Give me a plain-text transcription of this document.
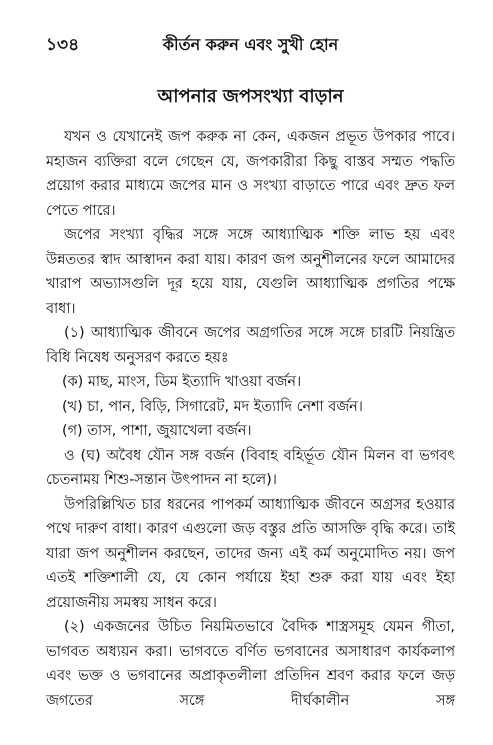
১৩৪	কীর্তন করুন এবং সুখী হোন
আপনার জপসংখ্যা বাড়ান

যখন ও যেখানেই জপ করুক না কেন, একজন প্রভূত উপকার পাবে। মহাজন ব্যক্তিরা বলে গেছেন যে, জপকারীরা কিছু বাস্তব সম্মত পদ্ধতি প্রয়োগ করার মাধ্যমে জপের মান ও সংখ্যা বাড়াতে পারে এবং দ্রুত ফল পেতে পারে।

জপের সংখ্যা বৃদ্ধির সঙ্গে সঙ্গে আধ্যাত্মিক শক্তি লাভ হয় এবং উন্নততর স্বাদ আস্বাদন করা যায়। কারণ জপ অনুশীলনের ফলে আমাদের খারাপ অভ্যাসগুলি দূর হয়ে যায়, যেগুলি আধ্যাত্মিক প্রগতির পক্ষে বাধা।

(১) আধ্যাত্মিক জীবনে জপের অগ্রগতির সঙ্গে সঙ্গে চারটি নিয়ন্ত্রিত বিধি নিষেধ অনুসরণ করতে হয়ঃ

(ক) মাছ, মাংস, ডিম ইত্যাদি খাওয়া বর্জন।

(খ) চা, পান, বিড়ি, সিগারেট, মদ ইত্যাদি নেশা বর্জন।

(গ) তাস, পাশা, জুয়াখেলা বর্জন।

ও (ঘ) অবৈধ যৌন সঙ্গ বর্জন (বিবাহ বহির্ভূত যৌন মিলন বা ভগবৎ চেতনাময় শিশু-সন্তান উৎপাদন না হলে)।

উপরিল্লিখিত চার ধরনের পাপকর্ম আধ্যাত্মিক জীবনে অগ্রসর হওয়ার পথে দারুণ বাধা। কারণ এগুলো জড় বস্তুর প্রতি আসক্তি বৃদ্ধি করে। তাই যারা জপ অনুশীলন করছেন, তাদের জন্য এই কর্ম অনুমোদিত নয়। জপ এতই শক্তিশালী যে, যে কোন পর্যায়ে ইহা শুরু করা যায় এবং ইহা প্রয়োজনীয় সমস্বয় সাধন করে।

(২) একজনের উচিত নিয়মিতভাবে বৈদিক শাস্ত্রসমূহ যেমন গীতা, ভাগবত অধ্যয়ন করা। ভাগবতে বর্ণিত ভগবানের অসাধারণ কার্যকলাপ এবং ভক্ত ও ভগবানের অপ্রাকৃতলীলা প্রতিদিন শ্রবণ করার ফলে জড় জগতের সঙ্গে দীর্ঘকালীন সঙ্গ
